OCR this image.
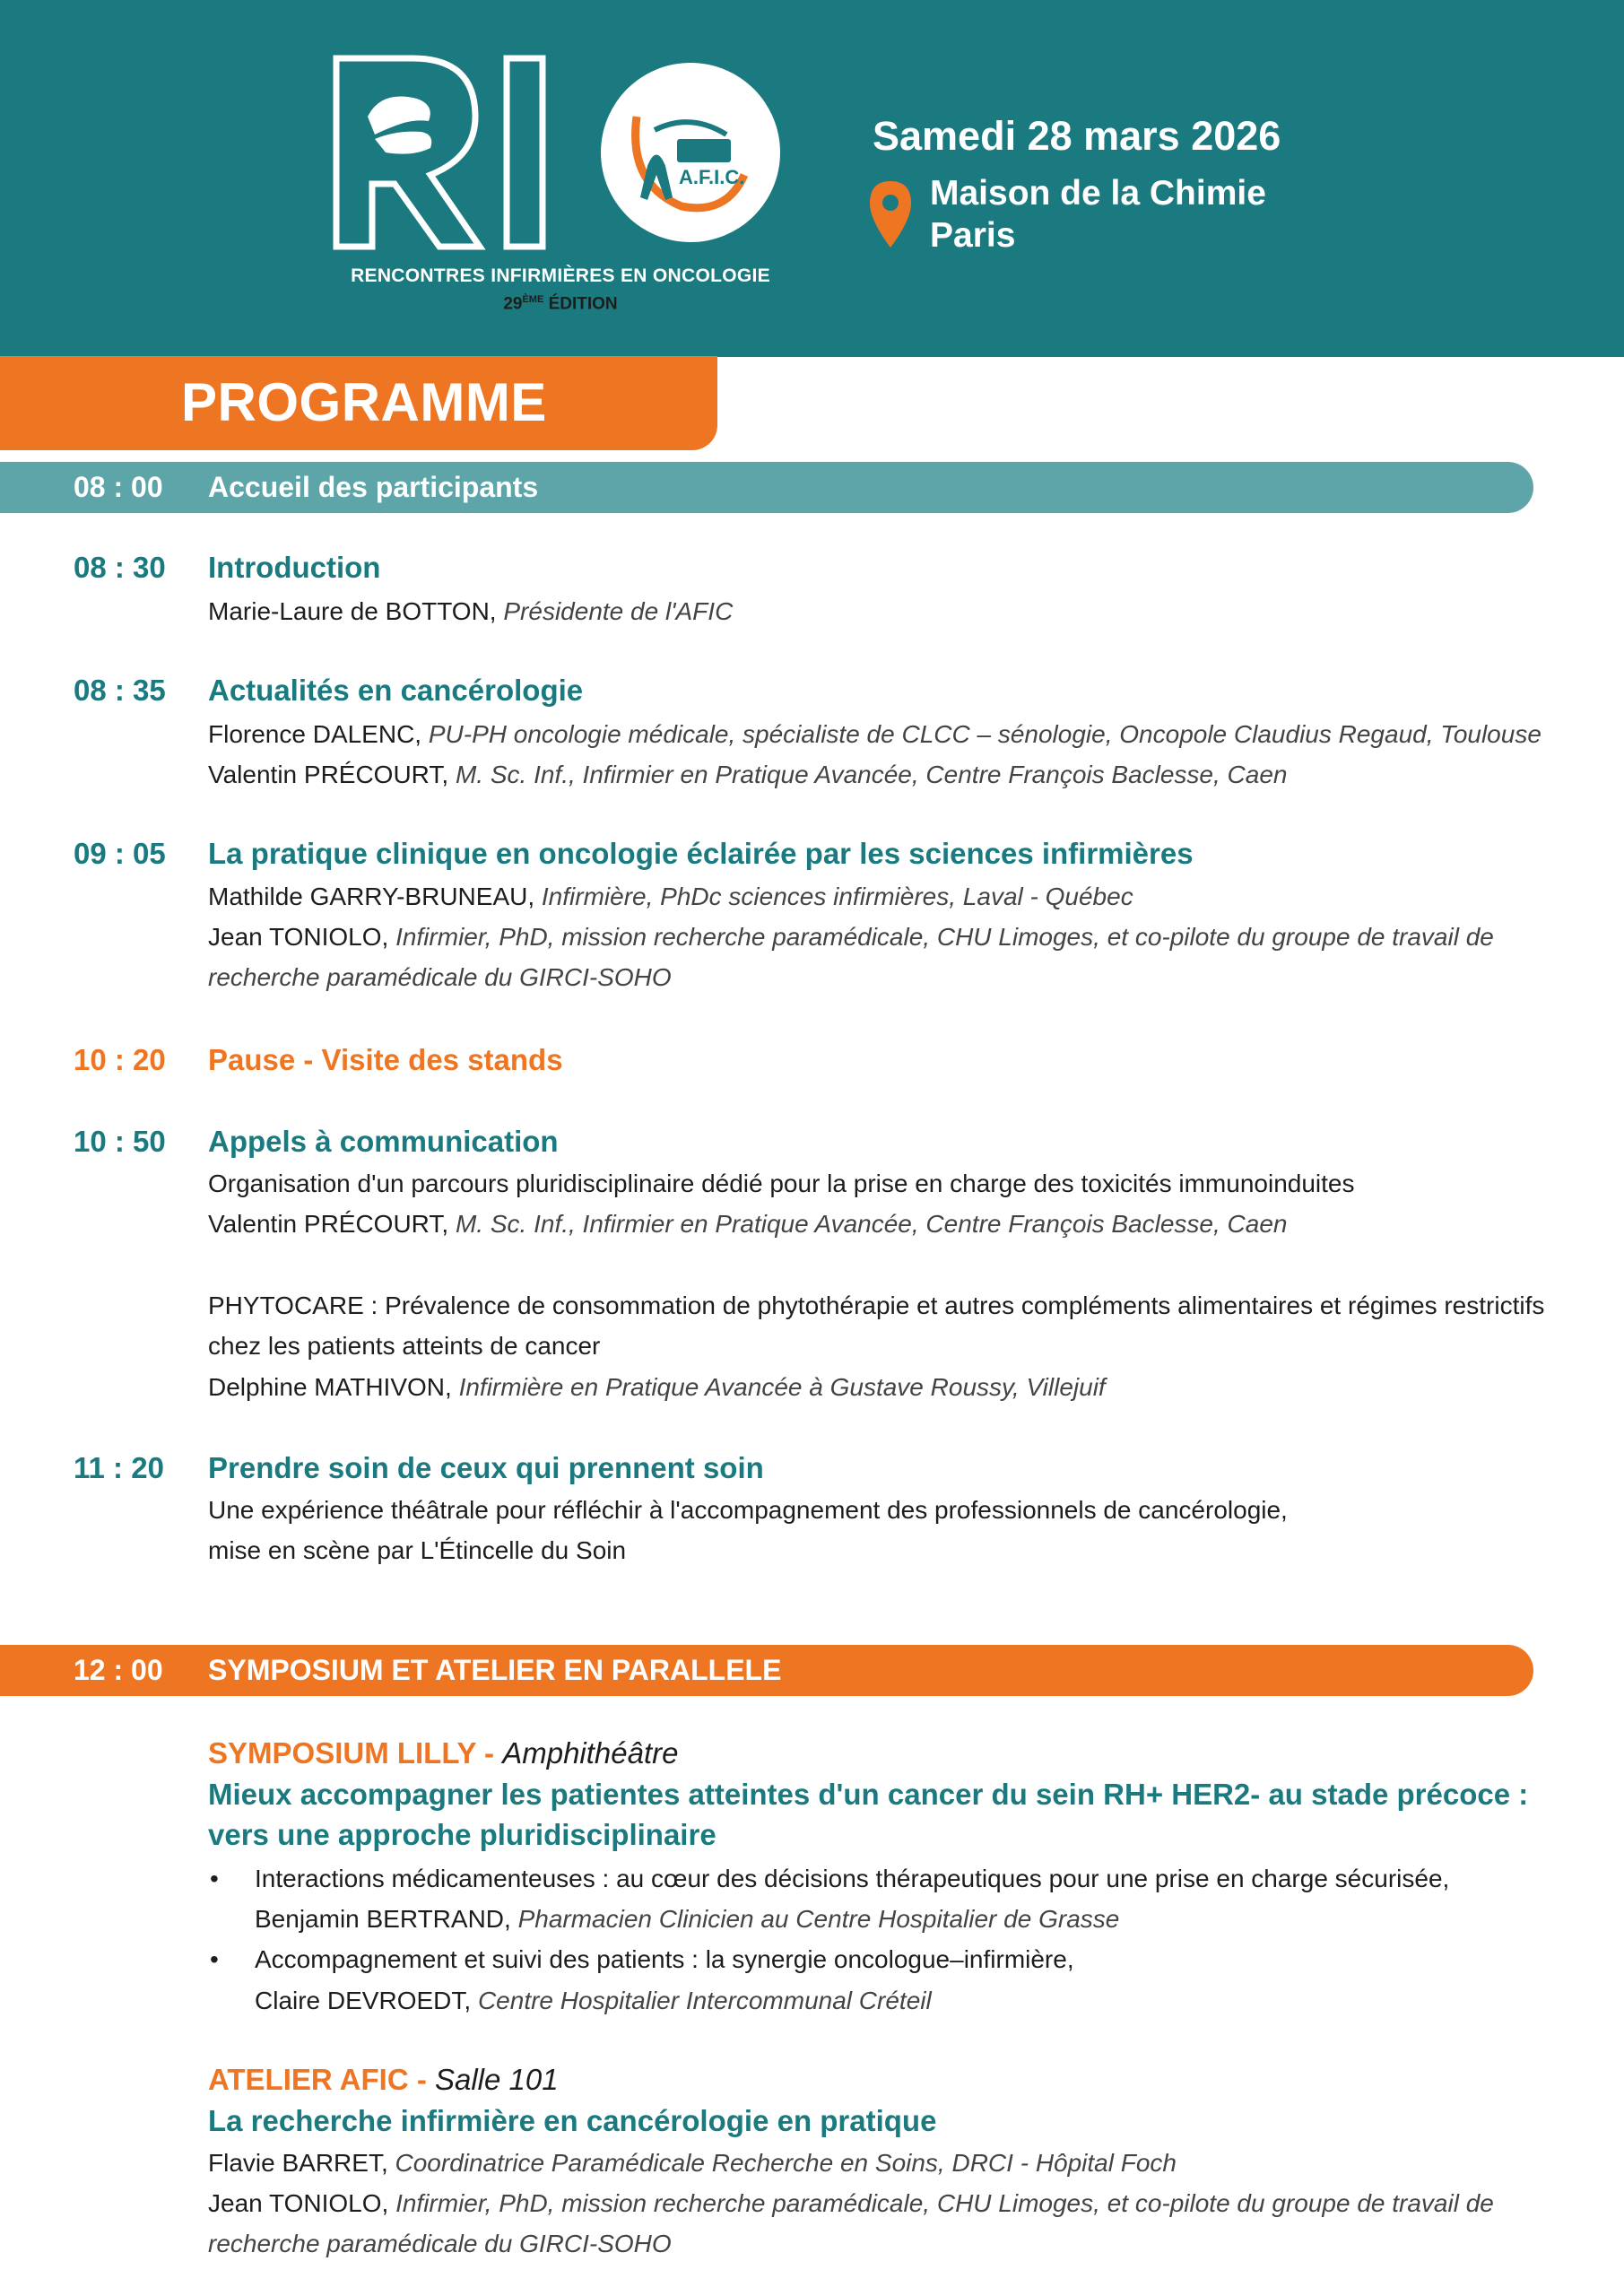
A.F.I.C.
RENCONTRES INFIRMIÈRES EN ONCOLOGIE
29ÈME ÉDITION
Samedi 28 mars 2026
Maison de la Chimie
Paris
PROGRAMME
08 : 00 Accueil des participants
08 : 30 Introduction
Marie-Laure de BOTTON, Présidente de l'AFIC
08 : 35 Actualités en cancérologie
Florence DALENC, PU-PH oncologie médicale, spécialiste de CLCC – sénologie, Oncopole Claudius Regaud, Toulouse
Valentin PRÉCOURT, M. Sc. Inf., Infirmier en Pratique Avancée, Centre François Baclesse, Caen
09 : 05 La pratique clinique en oncologie éclairée par les sciences infirmières
Mathilde GARRY-BRUNEAU, Infirmière, PhDc sciences infirmières, Laval - Québec
Jean TONIOLO, Infirmier, PhD, mission recherche paramédicale, CHU Limoges, et co-pilote du groupe de travail de
recherche paramédicale du GIRCI-SOHO
10 : 20 Pause - Visite des stands
10 : 50 Appels à communication
Organisation d'un parcours pluridisciplinaire dédié pour la prise en charge des toxicités immunoinduites
Valentin PRÉCOURT, M. Sc. Inf., Infirmier en Pratique Avancée, Centre François Baclesse, Caen
PHYTOCARE : Prévalence de consommation de phytothérapie et autres compléments alimentaires et régimes restrictifs
chez les patients atteints de cancer
Delphine MATHIVON, Infirmière en Pratique Avancée à Gustave Roussy, Villejuif
11 : 20 Prendre soin de ceux qui prennent soin
Une expérience théâtrale pour réfléchir à l'accompagnement des professionnels de cancérologie,
mise en scène par L'Étincelle du Soin
12 : 00 SYMPOSIUM ET ATELIER EN PARALLELE
SYMPOSIUM LILLY - Amphithéâtre
Mieux accompagner les patientes atteintes d'un cancer du sein RH+ HER2- au stade précoce :
vers une approche pluridisciplinaire
• Interactions médicamenteuses : au cœur des décisions thérapeutiques pour une prise en charge sécurisée,
Benjamin BERTRAND, Pharmacien Clinicien au Centre Hospitalier de Grasse
• Accompagnement et suivi des patients : la synergie oncologue–infirmière,
Claire DEVROEDT, Centre Hospitalier Intercommunal Créteil
ATELIER AFIC - Salle 101
La recherche infirmière en cancérologie en pratique
Flavie BARRET, Coordinatrice Paramédicale Recherche en Soins, DRCI - Hôpital Foch
Jean TONIOLO, Infirmier, PhD, mission recherche paramédicale, CHU Limoges, et co-pilote du groupe de travail de
recherche paramédicale du GIRCI-SOHO
